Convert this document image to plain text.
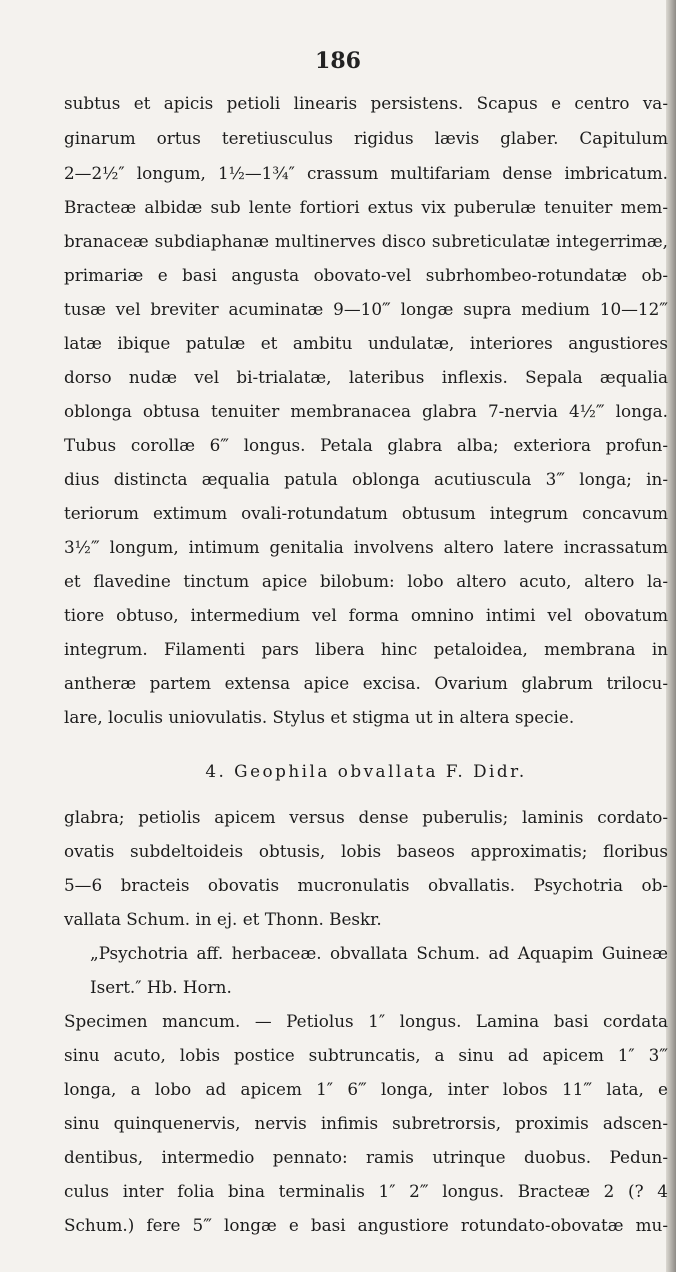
186
subtus et apicis petioli linearis persistens. Scapus e centro va-
ginarum ortus teretiusculus rigidus lævis glaber. Capitulum
2—2½″ longum, 1½—1¾″ crassum multifariam dense imbricatum.
Bracteæ albidæ sub lente fortiori extus vix puberulæ tenuiter mem-
branaceæ subdiaphanæ multinerves disco subreticulatæ integerrimæ,
primariæ e basi angusta obovato-vel subrhombeo-rotundatæ ob-
tusæ vel breviter acuminatæ 9—10‴ longæ supra medium 10—12‴
latæ ibique patulæ et ambitu undulatæ, interiores angustiores
dorso nudæ vel bi-trialatæ, lateribus inflexis. Sepala æqualia
oblonga obtusa tenuiter membranacea glabra 7-nervia 4½‴ longa.
Tubus corollæ 6‴ longus. Petala glabra alba; exteriora profun-
dius distincta æqualia patula oblonga acutiuscula 3‴ longa; in-
teriorum extimum ovali-rotundatum obtusum integrum concavum
3½‴ longum, intimum genitalia involvens altero latere incrassatum
et flavedine tinctum apice bilobum: lobo altero acuto, altero la-
tiore obtuso, intermedium vel forma omnino intimi vel obovatum
integrum. Filamenti pars libera hinc petaloidea, membrana in
antheræ partem extensa apice excisa. Ovarium glabrum trilocu-
lare, loculis uniovulatis. Stylus et stigma ut in altera specie.
4. Geophila obvallata F. Didr.
glabra; petiolis apicem versus dense puberulis; laminis cordato-
ovatis subdeltoideis obtusis, lobis baseos approximatis; floribus
5—6 bracteis obovatis mucronulatis obvallatis. Psychotria ob-
vallata Schum. in ej. et Thonn. Beskr.
„Psychotria aff. herbaceæ. obvallata Schum. ad Aquapim Guineæ
Isert.″ Hb. Horn.
Specimen mancum. — Petiolus 1″ longus. Lamina basi cordata
sinu acuto, lobis postice subtruncatis, a sinu ad apicem 1″ 3‴
longa, a lobo ad apicem 1″ 6‴ longa, inter lobos 11‴ lata, e
sinu quinquenervis, nervis infimis subretrorsis, proximis adscen-
dentibus, intermedio pennato: ramis utrinque duobus. Pedun-
culus inter folia bina terminalis 1″ 2‴ longus. Bracteæ 2 (? 4
Schum.) fere 5‴ longæ e basi angustiore rotundato-obovatæ mu-
